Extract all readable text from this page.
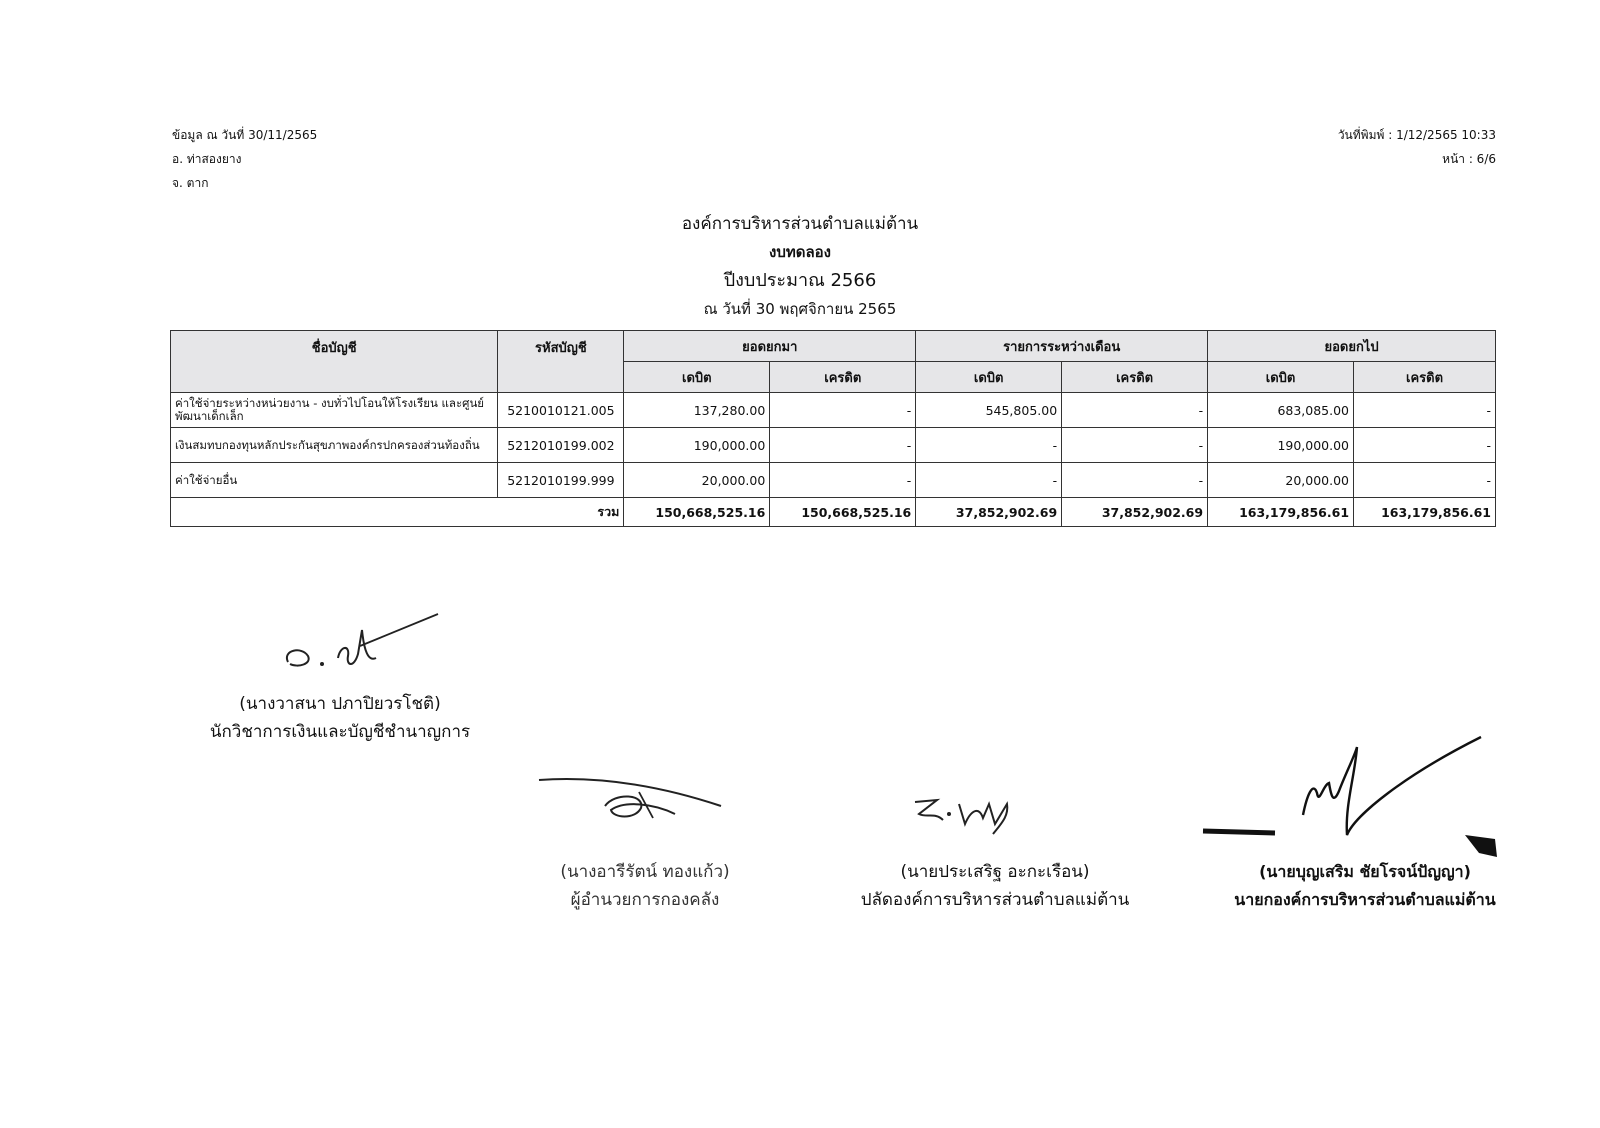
ข้อมูล ณ วันที่ 30/11/2565
อ. ท่าสองยาง
จ. ตาก
วันที่พิมพ์ : 1/12/2565 10:33
หน้า : 6/6
องค์การบริหารส่วนตำบลแม่ต้าน
งบทดลอง
ปีงบประมาณ 2566
ณ วันที่ 30 พฤศจิกายน 2565
ชื่อบัญชี	รหัสบัญชี	ยอดยกมา		รายการระหว่างเดือน		ยอดยกไป	
		เดบิต	เครดิต	เดบิต	เครดิต	เดบิต	เครดิต
ค่าใช้จ่ายระหว่างหน่วยงาน - งบทั่วไปโอนให้โรงเรียน และศูนย์พัฒนาเด็กเล็ก	5210010121.005	137,280.00	-	545,805.00	-	683,085.00	-
เงินสมทบกองทุนหลักประกันสุขภาพองค์กรปกครองส่วนท้องถิ่น	5212010199.002	190,000.00	-	-	-	190,000.00	-
ค่าใช้จ่ายอื่น	5212010199.999	20,000.00	-	-	-	20,000.00	-
	รวม	150,668,525.16	150,668,525.16	37,852,902.69	37,852,902.69	163,179,856.61	163,179,856.61
(นางวาสนา ปภาปิยวรโชติ)
นักวิชาการเงินและบัญชีชำนาญการ
(นางอารีรัตน์ ทองแก้ว)
ผู้อำนวยการกองคลัง
(นายประเสริฐ อะกะเรือน)
ปลัดองค์การบริหารส่วนตำบลแม่ต้าน
(นายบุญเสริม ชัยโรจน์ปัญญา)
นายกองค์การบริหารส่วนตำบลแม่ต้าน
